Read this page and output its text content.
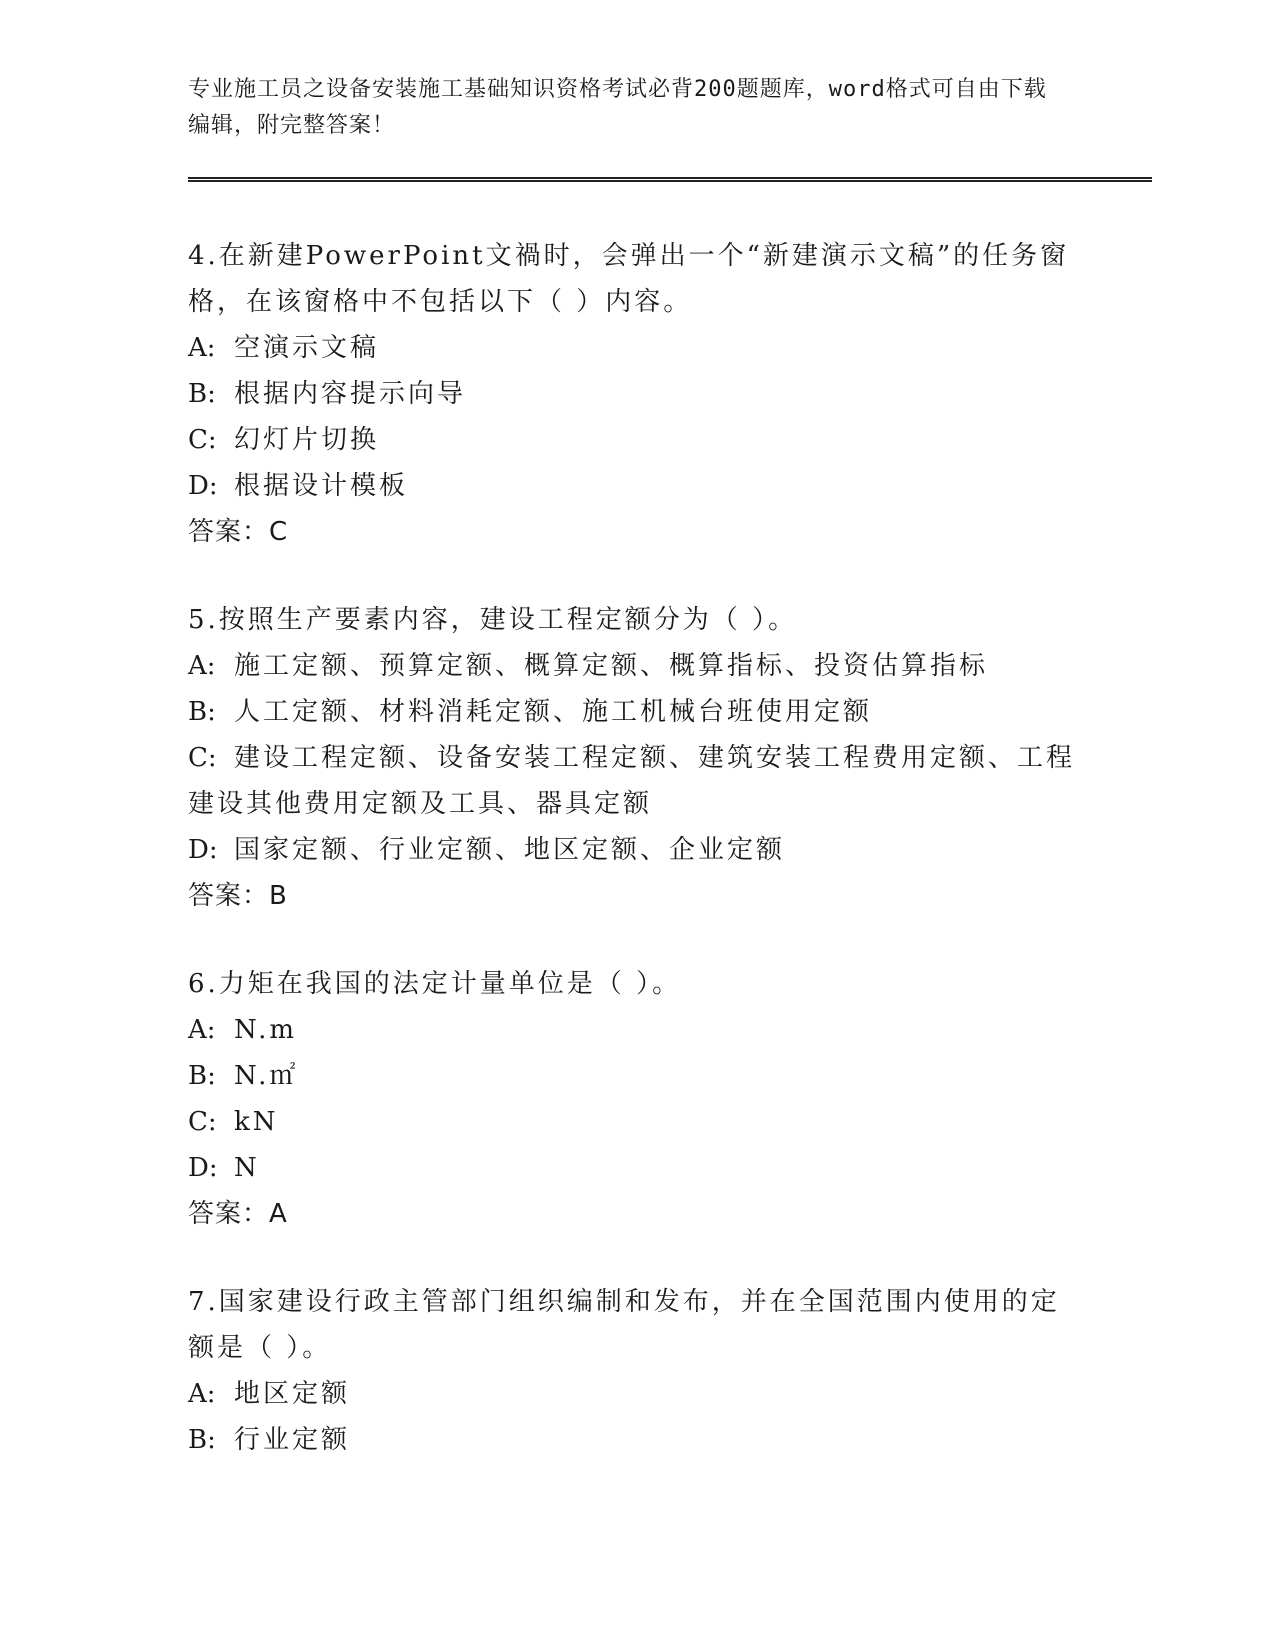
专业施工员之设备安装施工基础知识资格考试必背200题题库，word格式可自由下载编辑，附完整答案！
4.在新建PowerPoint文禍时，会弹出一个“新建演示文稿”的任务窗格，在该窗格中不包括以下（ ）内容。
A: 空演示文稿
B: 根据内容提示向导
C: 幻灯片切换
D: 根据设计模板
答案：C
5.按照生产要素内容，建设工程定额分为（ ）。
A: 施工定额、预算定额、概算定额、概算指标、投资估算指标
B: 人工定额、材料消耗定额、施工机械台班使用定额
C: 建设工程定额、设备安装工程定额、建筑安装工程费用定额、工程建设其他费用定额及工具、器具定额
D: 国家定额、行业定额、地区定额、企业定额
答案：B
6.力矩在我国的法定计量单位是（ ）。
A: N.m
B: N.㎡
C: kN
D: N
答案：A
7.国家建设行政主管部门组织编制和发布，并在全国范围内使用的定额是（ ）。
A: 地区定额
B: 行业定额
